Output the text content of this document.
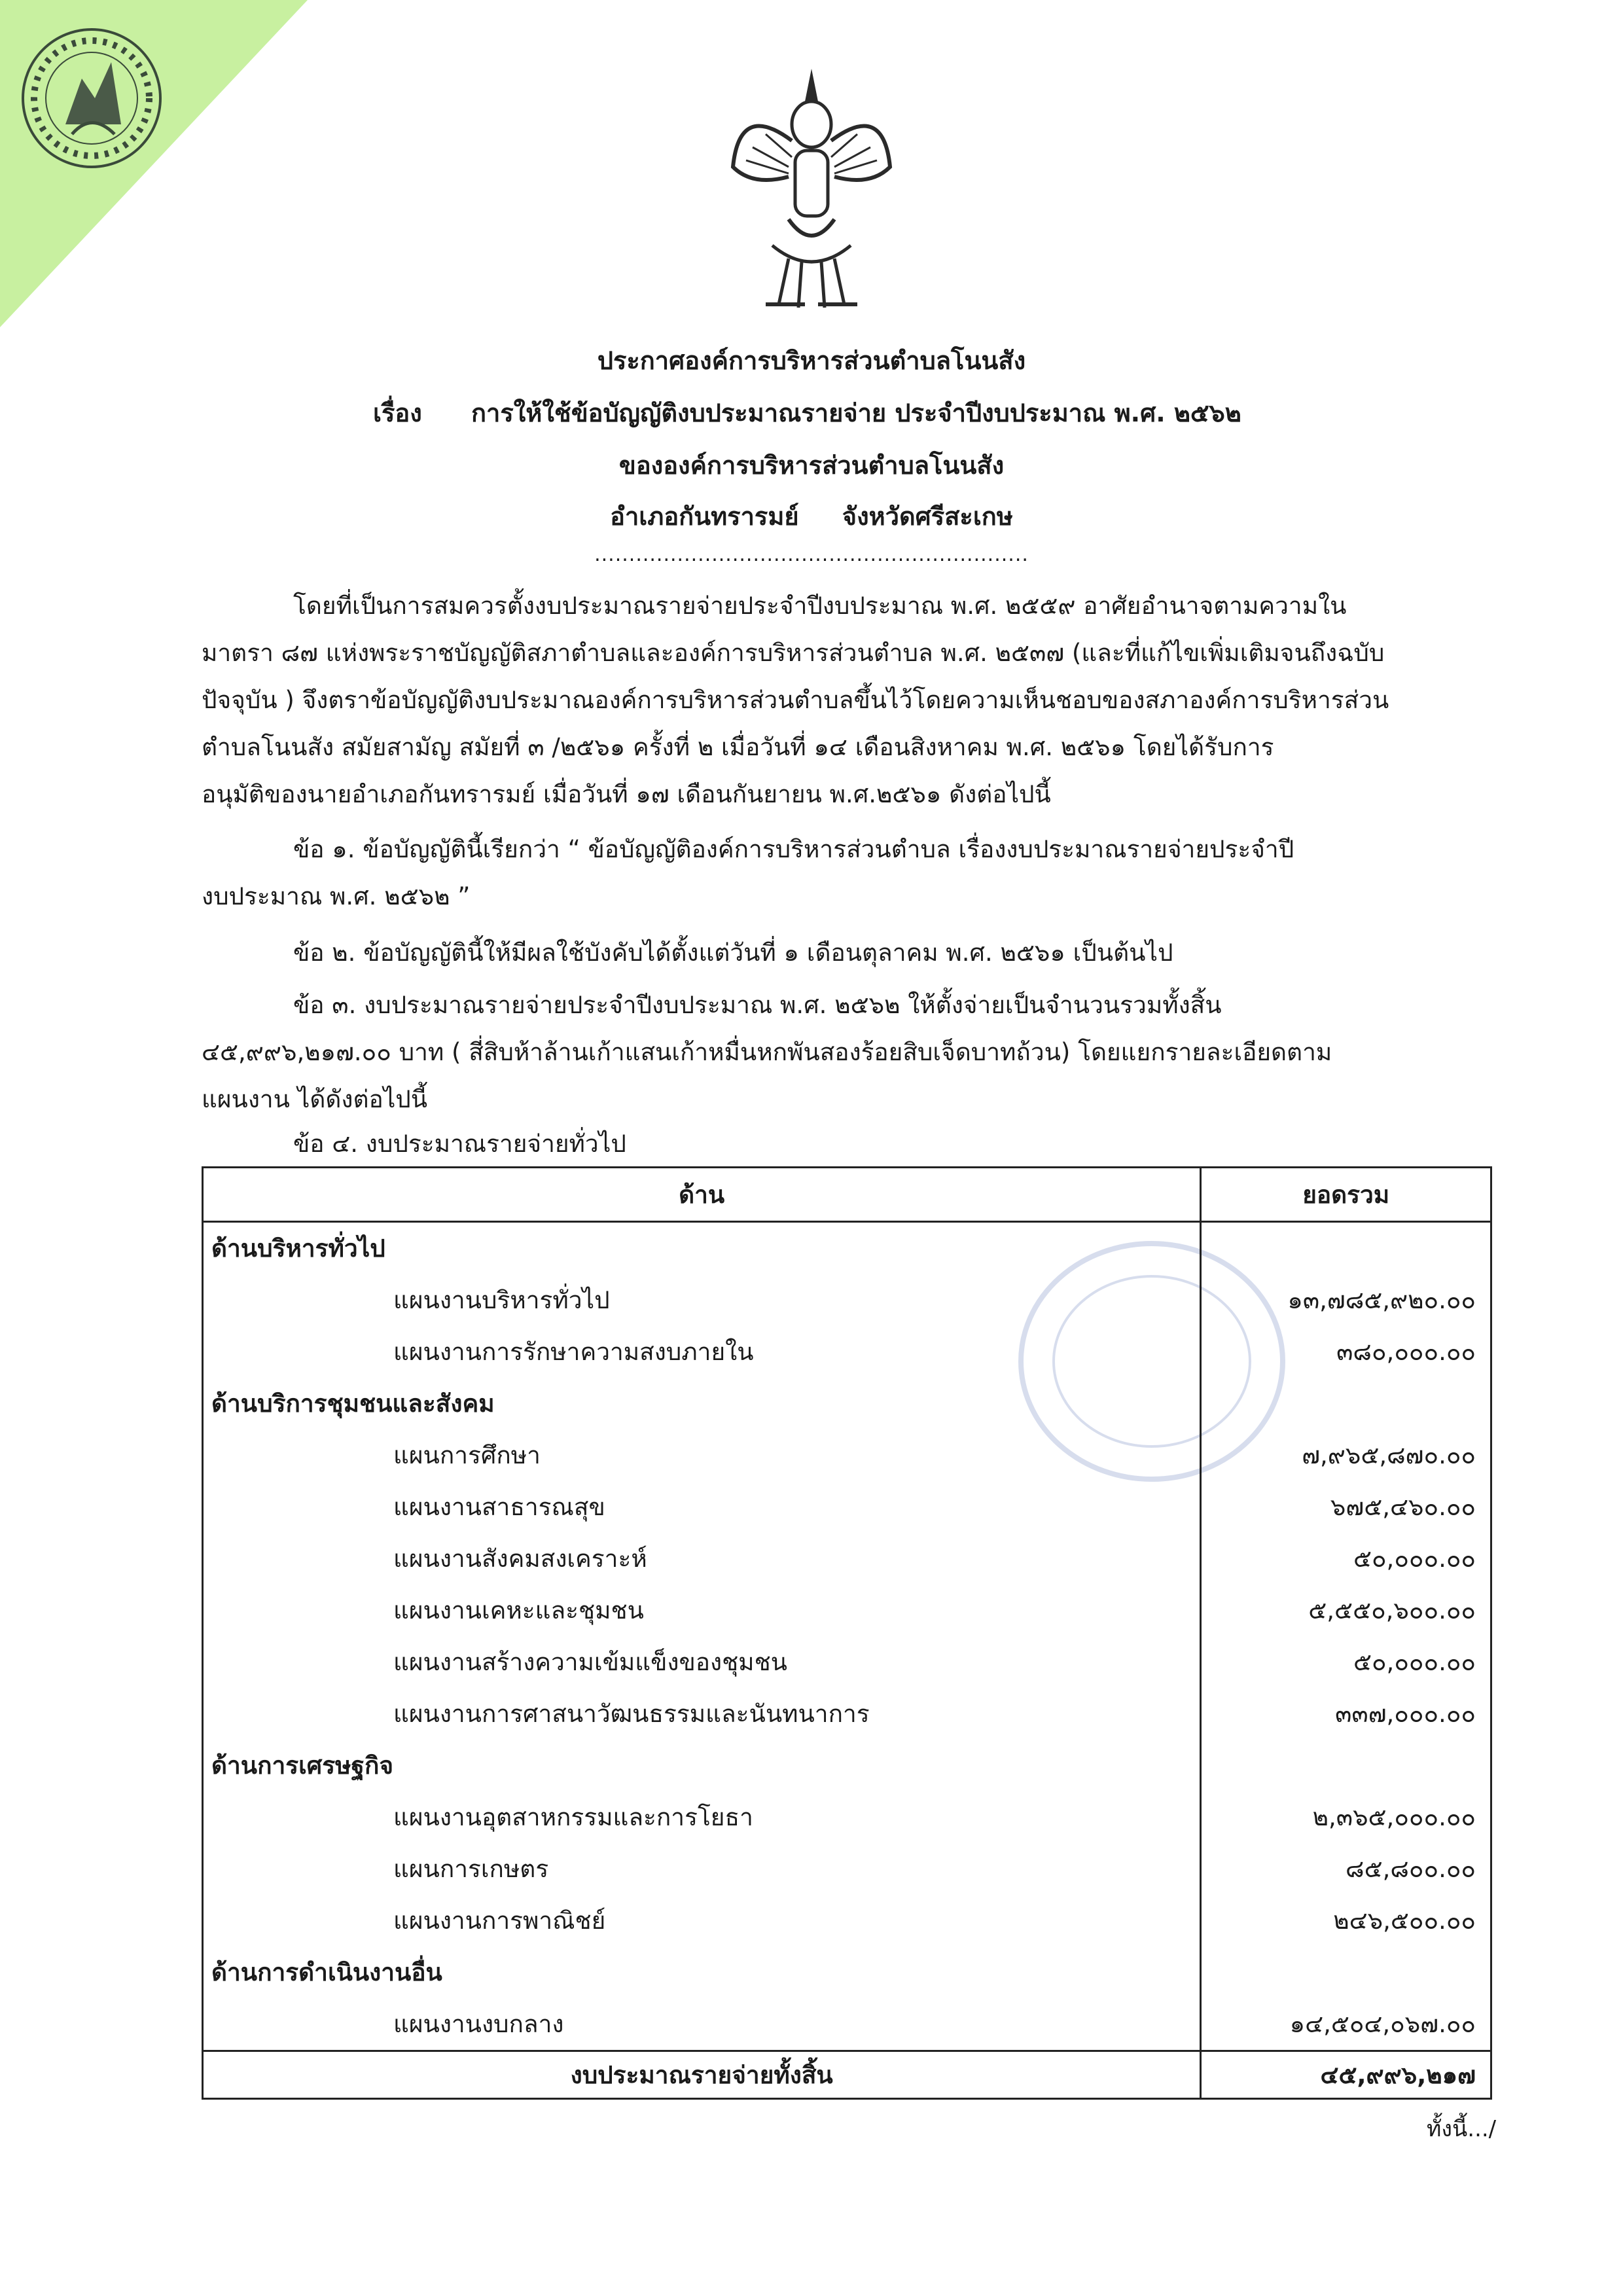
ประกาศองค์การบริหารส่วนตำบลโนนสัง
เรื่อง การให้ใช้ข้อบัญญัติงบประมาณรายจ่าย ประจำปีงบประมาณ พ.ศ. ๒๕๖๒
ขององค์การบริหารส่วนตำบลโนนสัง
อำเภอกันทรารมย์     จังหวัดศรีสะเกษ
...............................................................
โดยที่เป็นการสมควรตั้งงบประมาณรายจ่ายประจำปีงบประมาณ พ.ศ. ๒๕๕๙ อาศัยอำนาจตามความใน
มาตรา ๘๗ แห่งพระราชบัญญัติสภาตำบลและองค์การบริหารส่วนตำบล พ.ศ. ๒๕๓๗ (และที่แก้ไขเพิ่มเติมจนถึงฉบับ
ปัจจุบัน ) จึงตราข้อบัญญัติงบประมาณองค์การบริหารส่วนตำบลขึ้นไว้โดยความเห็นชอบของสภาองค์การบริหารส่วน
ตำบลโนนสัง สมัยสามัญ สมัยที่ ๓ /๒๕๖๑ ครั้งที่ ๒ เมื่อวันที่ ๑๔ เดือนสิงหาคม พ.ศ. ๒๕๖๑ โดยได้รับการ
อนุมัติของนายอำเภอกันทรารมย์ เมื่อวันที่ ๑๗ เดือนกันยายน พ.ศ.๒๕๖๑ ดังต่อไปนี้
ข้อ ๑. ข้อบัญญัตินี้เรียกว่า “ ข้อบัญญัติองค์การบริหารส่วนตำบล เรื่องงบประมาณรายจ่ายประจำปี
งบประมาณ พ.ศ. ๒๕๖๒ ”
ข้อ ๒. ข้อบัญญัตินี้ให้มีผลใช้บังคับได้ตั้งแต่วันที่ ๑ เดือนตุลาคม พ.ศ. ๒๕๖๑ เป็นต้นไป
ข้อ ๓. งบประมาณรายจ่ายประจำปีงบประมาณ พ.ศ. ๒๕๖๒ ให้ตั้งจ่ายเป็นจำนวนรวมทั้งสิ้น
๔๕,๙๙๖,๒๑๗.๐๐ บาท ( สี่สิบห้าล้านเก้าแสนเก้าหมื่นหกพันสองร้อยสิบเจ็ดบาทถ้วน) โดยแยกรายละเอียดตาม
แผนงาน ได้ดังต่อไปนี้
ข้อ ๔. งบประมาณรายจ่ายทั่วไป
ด้าน	ยอดรวม
ด้านบริหารทั่วไป	
แผนงานบริหารทั่วไป	๑๓,๗๘๕,๙๒๐.๐๐
แผนงานการรักษาความสงบภายใน	๓๘๐,๐๐๐.๐๐
ด้านบริการชุมชนและสังคม	
แผนการศึกษา	๗,๙๖๕,๘๗๐.๐๐
แผนงานสาธารณสุข	๖๗๕,๔๖๐.๐๐
แผนงานสังคมสงเคราะห์	๕๐,๐๐๐.๐๐
แผนงานเคหะและชุมชน	๕,๕๕๐,๖๐๐.๐๐
แผนงานสร้างความเข้มแข็งของชุมชน	๕๐,๐๐๐.๐๐
แผนงานการศาสนาวัฒนธรรมและนันทนาการ	๓๓๗,๐๐๐.๐๐
ด้านการเศรษฐกิจ	
แผนงานอุตสาหกรรมและการโยธา	๒,๓๖๕,๐๐๐.๐๐
แผนการเกษตร	๘๕,๘๐๐.๐๐
แผนงานการพาณิชย์	๒๔๖,๕๐๐.๐๐
ด้านการดำเนินงานอื่น	
แผนงานงบกลาง	๑๔,๕๐๔,๐๖๗.๐๐
งบประมาณรายจ่ายทั้งสิ้น	๔๕,๙๙๖,๒๑๗
ทั้งนี้.../
